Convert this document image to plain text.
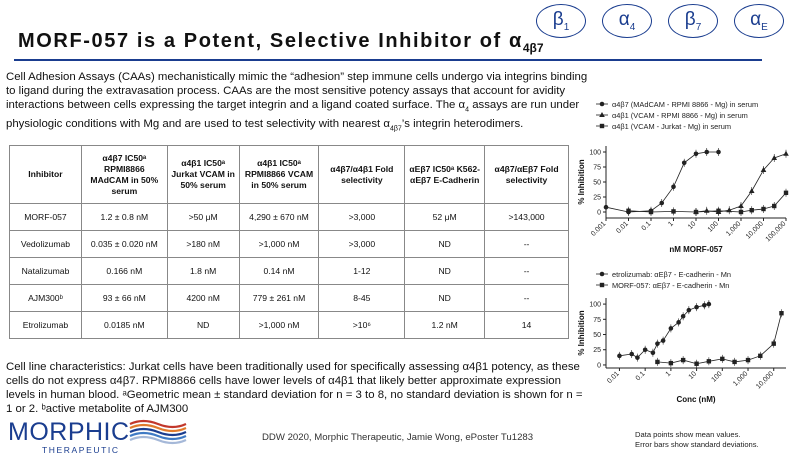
$\beta_1$	$\alpha_4$	$\beta_7$	$\alpha_E$
MORF-057 is a Potent, Selective Inhibitor of $\alpha_{4\beta 7}$
Cell Adhesion Assays (CAAs) mechanistically mimic the “adhesion” step immune cells undergo via integrins binding to ligand during the extravasation process. CAAs are the most sensitive potency assays that account for avidity interactions between cells expressing the target integrin and a ligand coated surface. The $\alpha_4$ assays are run under physiologic conditions with Mg and are used to test selectivity with nearest $\alpha_{4\beta 7}’s$ integrin heterodimers.
Inhibitor	α4β7 IC50ᵃ RPMI8866 MAdCAM in 50% serum	α4β1 IC50ᵃ Jurkat VCAM in 50% serum	α4β1 IC50ᵃ RPMI8866 VCAM in 50% serum	α4β7/α4β1 Fold selectivity	αEβ7 IC50ᵃ K562-αEβ7 E-Cadherin	α4β7/αEβ7 Fold selectivity
MORF-057	1.2 ± 0.8 nM	>50 μM	4,290 ± 670 nM	>3,000	52 μM	>143,000
Vedolizumab	0.035 ± 0.020 nM	>180 nM	>1,000 nM	>3,000	ND	--
Natalizumab	0.166 nM	1.8 nM	0.14 nM	1-12	ND	--
AJM300ᵇ	93 ± 66 nM	4200 nM	779 ± 261 nM	8-45	ND	--
Etrolizumab	0.0185 nM	ND	>1,000 nM	>10⁶	1.2 nM	14
Cell line characteristics: Jurkat cells have been traditionally used for specifically assessing α4β1 potency, as these cells do not express α4β7. RPMI8866 cells have lower levels of α4β1 that likely better approximate expression levels in human blood. ᵃGeometric mean ± standard deviation for n = 3 to 8, no standard deviation is shown for n = 1 or 2. ᵇactive metabolite of AJM300
MORPHIC
THERAPEUTIC
DDW 2020, Morphic Therapeutic, Jamie Wong, ePoster Tu1283	Data points show mean values.
Error bars show standard deviations.
α4β7 (MAdCAM - RPMI 8866 - Mg) in serum
α4β1 (VCAM - RPMI 8866 - Mg) in serum
α4β1 (VCAM - Jurkat - Mg) in serum
0
25
50
75
100
0.001 0.01 0.1 1 10 100 1,000 10,000 100,000
% Inhibition
nM MORF-057
etrolizumab: αEβ7 - E-cadherin - Mn
MORF-057: αEβ7 - E-cadherin - Mn
0
25
50
75
100
0.01 0.1	1 10 100 1,000 10,000
% Inhibition
Conc (nM)
